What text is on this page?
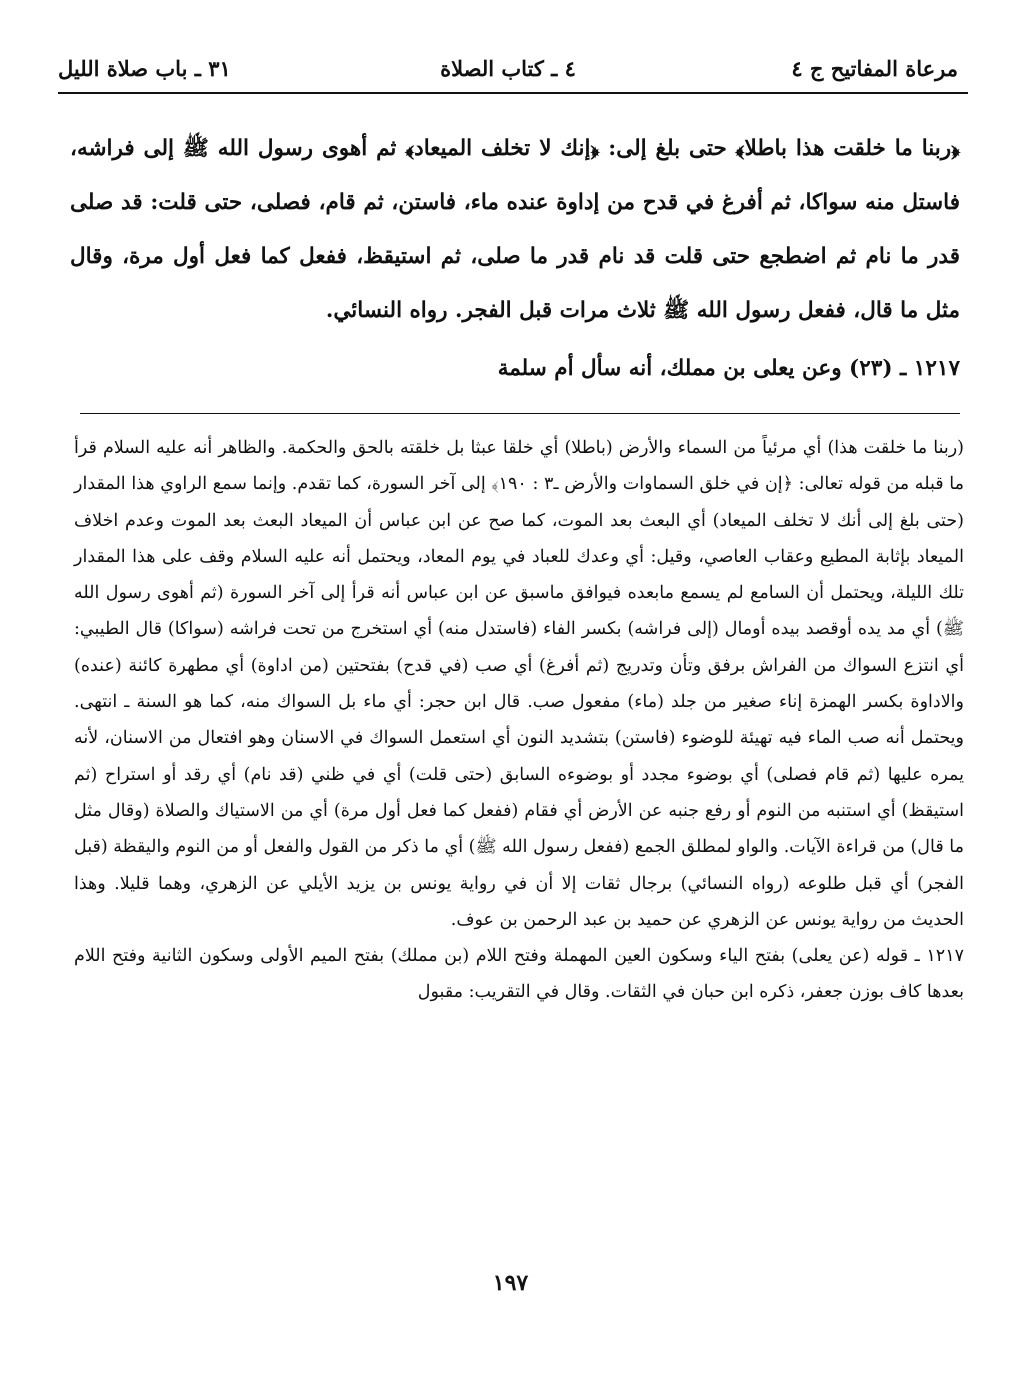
مرعاة المفاتيح ج ٤
٤ ـ كتاب الصلاة
٣١ ـ باب صلاة الليل

﴿ربنا ما خلقت هذا باطلا﴾ حتى بلغ إلى: ﴿إنك لا تخلف الميعاد﴾ ثم أهوى رسول الله ﷺ إلى فراشه، فاستل منه سواكا، ثم أفرغ في قدح من إداوة عنده ماء، فاستن، ثم قام، فصلى، حتى قلت: قد صلى قدر ما نام ثم اضطجع حتى قلت قد نام قدر ما صلى، ثم استيقظ، ففعل كما فعل أول مرة، وقال مثل ما قال، ففعل رسول الله ﷺ ثلاث مرات قبل الفجر. رواه النسائي.

١٢١٧ ـ (٢٣) وعن يعلى بن مملك، أنه سأل أم سلمة

(ربنا ما خلقت هذا) أي مرئياً من السماء والأرض (باطلا) أي خلقا عبثا بل خلقته بالحق والحكمة. والظاهر أنه عليه السلام قرأ ما قبله من قوله تعالى: ﴿إن في خلق السماوات والأرض ـ٣ : ١٩٠﴾ إلى آخر السورة، كما تقدم. وإنما سمع الراوي هذا المقدار (حتى بلغ إلى أنك لا تخلف الميعاد) أي البعث بعد الموت، كما صح عن ابن عباس أن الميعاد البعث بعد الموت وعدم اخلاف الميعاد بإثابة المطيع وعقاب العاصي، وقيل: أي وعدك للعباد في يوم المعاد، ويحتمل أنه عليه السلام وقف على هذا المقدار تلك الليلة، ويحتمل أن السامع لم يسمع مابعده فيوافق ماسبق عن ابن عباس أنه قرأ إلى آخر السورة (ثم أهوى رسول الله ﷺ) أي مد يده أوقصد بيده أومال (إلى فراشه) بكسر الفاء (فاستدل منه) أي استخرج من تحت فراشه (سواكا) قال الطيبي: أي انتزع السواك من الفراش برفق وتأن وتدريج (ثم أفرغ) أي صب (في قدح) بفتحتين (من اداوة) أي مطهرة كائنة (عنده) والاداوة بكسر الهمزة إناء صغير من جلد (ماء) مفعول صب. قال ابن حجر: أي ماء بل السواك منه، كما هو السنة ـ انتهى. ويحتمل أنه صب الماء فيه تهيئة للوضوء (فاستن) بتشديد النون أي استعمل السواك في الاسنان وهو افتعال من الاسنان، لأنه يمره عليها (ثم قام فصلى) أي بوضوء مجدد أو بوضوءه السابق (حتى قلت) أي في ظني (قد نام) أي رقد أو استراح (ثم استيقظ) أي استنبه من النوم أو رفع جنبه عن الأرض أي فقام (ففعل كما فعل أول مرة) أي من الاستياك والصلاة (وقال مثل ما قال) من قراءة الآيات. والواو لمطلق الجمع (ففعل رسول الله ﷺ) أي ما ذكر من القول والفعل أو من النوم واليقظة (قبل الفجر) أي قبل طلوعه (رواه النسائي) برجال ثقات إلا أن في رواية يونس بن يزيد الأيلي عن الزهري، وهما قليلا. وهذا الحديث من رواية يونس عن الزهري عن حميد بن عبد الرحمن بن عوف.

١٢١٧ ـ قوله (عن يعلى) بفتح الياء وسكون العين المهملة وفتح اللام (بن مملك) بفتح الميم الأولى وسكون الثانية وفتح اللام بعدها كاف بوزن جعفر، ذكره ابن حبان في الثقات. وقال في التقريب: مقبول

١٩٧
